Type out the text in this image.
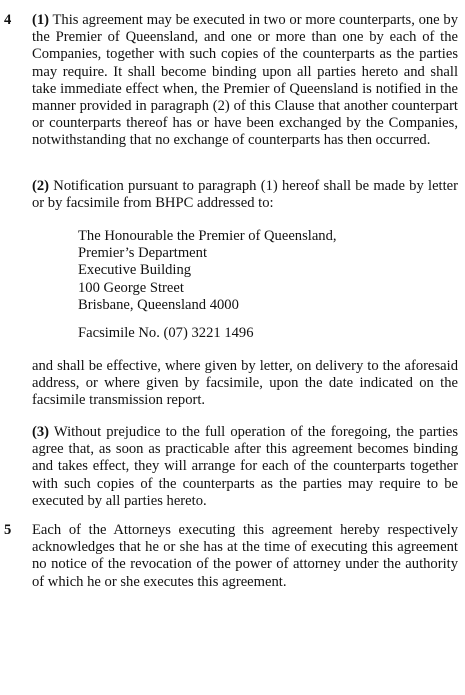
4	(1) This agreement may be executed in two or more counterparts, one by the Premier of Queensland, and one or more than one by each of the Companies, together with such copies of the counterparts as the parties may require. It shall become binding upon all parties hereto and shall take immediate effect when, the Premier of Queensland is notified in the manner provided in paragraph (2) of this Clause that another counterpart or counterparts thereof has or have been exchanged by the Companies, notwithstanding that no exchange of counterparts has then occurred.

(2) Notification pursuant to paragraph (1) hereof shall be made by letter or by facsimile from BHPC addressed to:

The Honourable the Premier of Queensland,
Premier’s Department
Executive Building
100 George Street
Brisbane, Queensland 4000
Facsimile No. (07) 3221 1496

and shall be effective, where given by letter, on delivery to the aforesaid address, or where given by facsimile, upon the date indicated on the facsimile transmission report.

(3) Without prejudice to the full operation of the foregoing, the parties agree that, as soon as practicable after this agreement becomes binding and takes effect, they will arrange for each of the counterparts together with such copies of the counterparts as the parties may require to be executed by all parties hereto.

5	Each of the Attorneys executing this agreement hereby respectively acknowledges that he or she has at the time of executing this agreement no notice of the revocation of the power of attorney under the authority of which he or she executes this agreement.
